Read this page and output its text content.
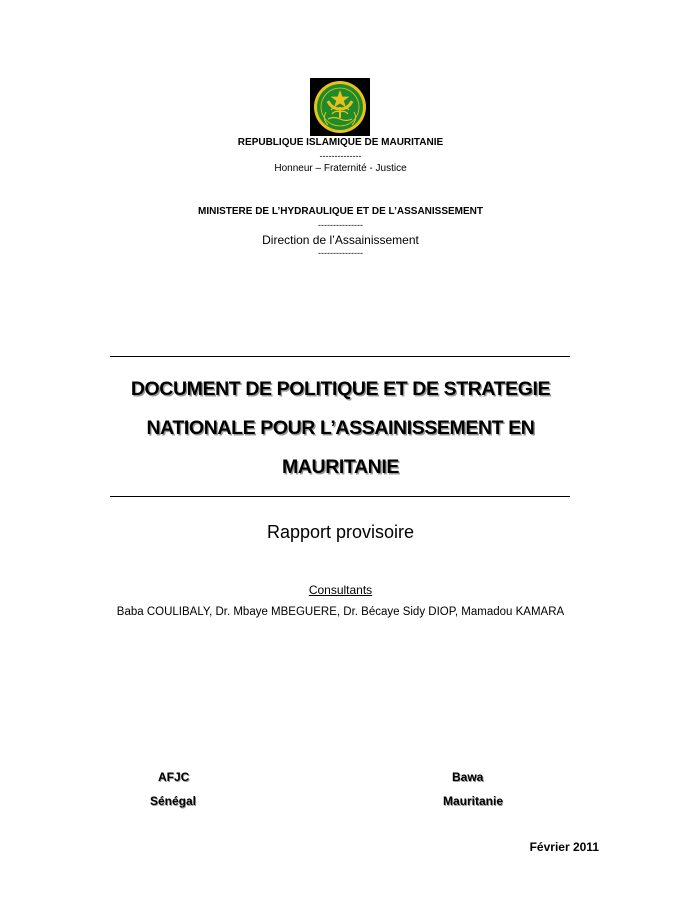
REPUBLIQUE ISLAMIQUE DE MAURITANIE
--------------
Honneur – Fraternité - Justice
MINISTERE DE L’HYDRAULIQUE ET DE L’ASSANISSEMENT
---------------
Direction de l’Assainissement
---------------
DOCUMENT DE POLITIQUE ET DE STRATEGIE
NATIONALE POUR L’ASSAINISSEMENT EN
MAURITANIE
Rapport provisoire
Consultants
Baba COULIBALY, Dr. Mbaye MBEGUERE, Dr. Bécaye Sidy DIOP, Mamadou KAMARA
AFJC
Sénégal
Bawa
Mauritanie
Février 2011
